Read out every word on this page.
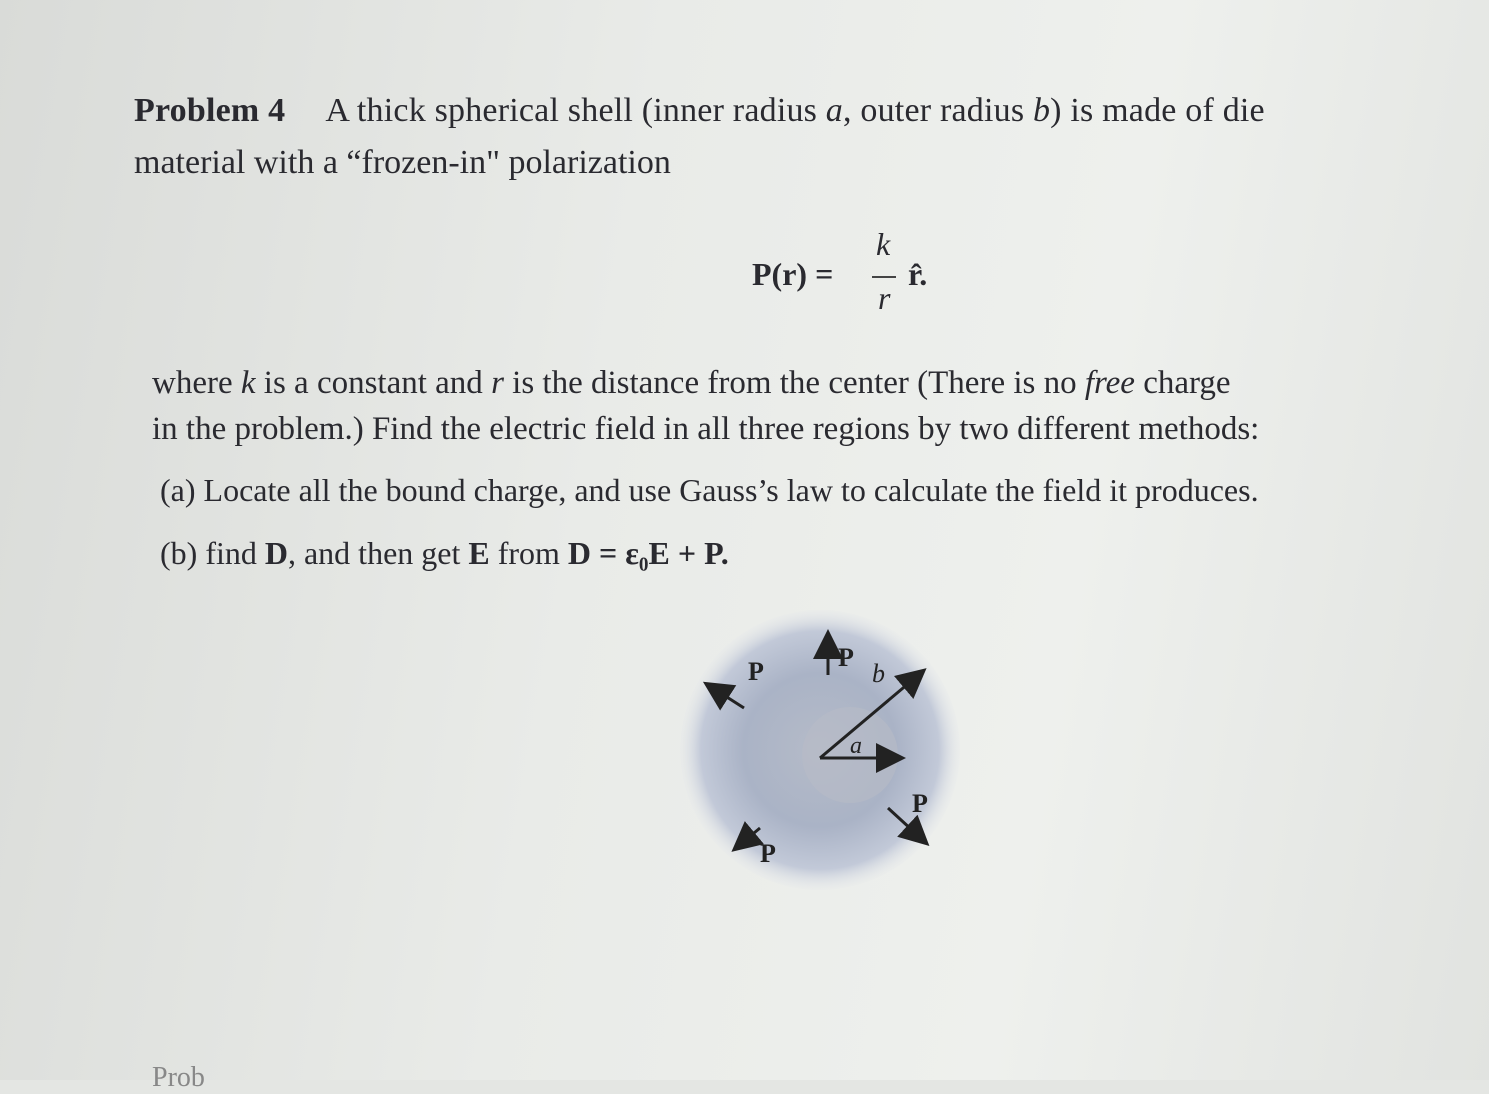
Problem 4 A thick spherical shell (inner radius a, outer radius b) is made of die
material with a “frozen-in" polarization
P(r) =
k
r
r̂.
where k is a constant and r is the distance from the center (There is no free charge
in the problem.) Find the electric field in all three regions by two different methods:
(a) Locate all the bound charge, and use Gauss’s law to calculate the field it produces.
(b) find D, and then get E from D = ε₀E + P.
P
P
P
P
b
a
Prob
